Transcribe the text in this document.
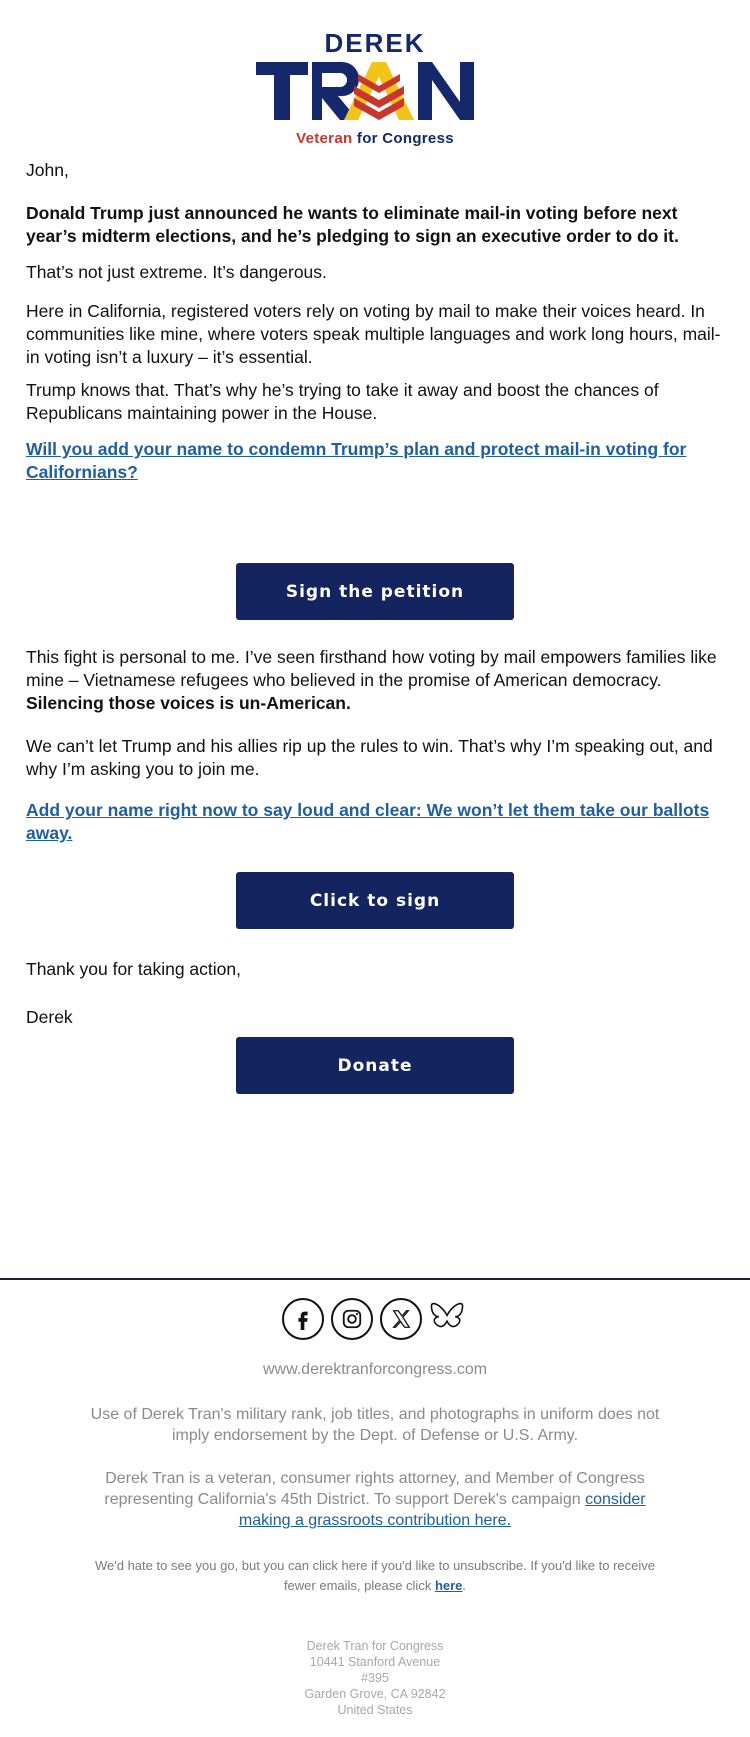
DEREK
Veteran for Congress

John,

Donald Trump just announced he wants to eliminate mail-in voting before next year’s midterm elections, and he’s pledging to sign an executive order to do it.

That’s not just extreme. It’s dangerous.

Here in California, registered voters rely on voting by mail to make their voices heard. In communities like mine, where voters speak multiple languages and work long hours, mail-in voting isn’t a luxury – it’s essential.

Trump knows that. That’s why he’s trying to take it away and boost the chances of Republicans maintaining power in the House.

Will you add your name to condemn Trump’s plan and protect mail-in voting for Californians?
Sign the petition

This fight is personal to me. I’ve seen firsthand how voting by mail empowers families like mine – Vietnamese refugees who believed in the promise of American democracy. Silencing those voices is un-American.

We can’t let Trump and his allies rip up the rules to win. That’s why I’m speaking out, and why I’m asking you to join me.

Add your name right now to say loud and clear: We won’t let them take our ballots away.
Click to sign

Thank you for taking action,

Derek

Donate
www.derektranforcongress.com
Use of Derek Tran's military rank, job titles, and photographs in uniform does not imply endorsement by the Dept. of Defense or U.S. Army.
Derek Tran is a veteran, consumer rights attorney, and Member of Congress representing California's 45th District. To support Derek's campaign consider making a grassroots contribution here.
We'd hate to see you go, but you can click here if you'd like to unsubscribe. If you'd like to receive fewer emails, please click here.
Derek Tran for Congress
10441 Stanford Avenue
#395
Garden Grove, CA 92842
United States
